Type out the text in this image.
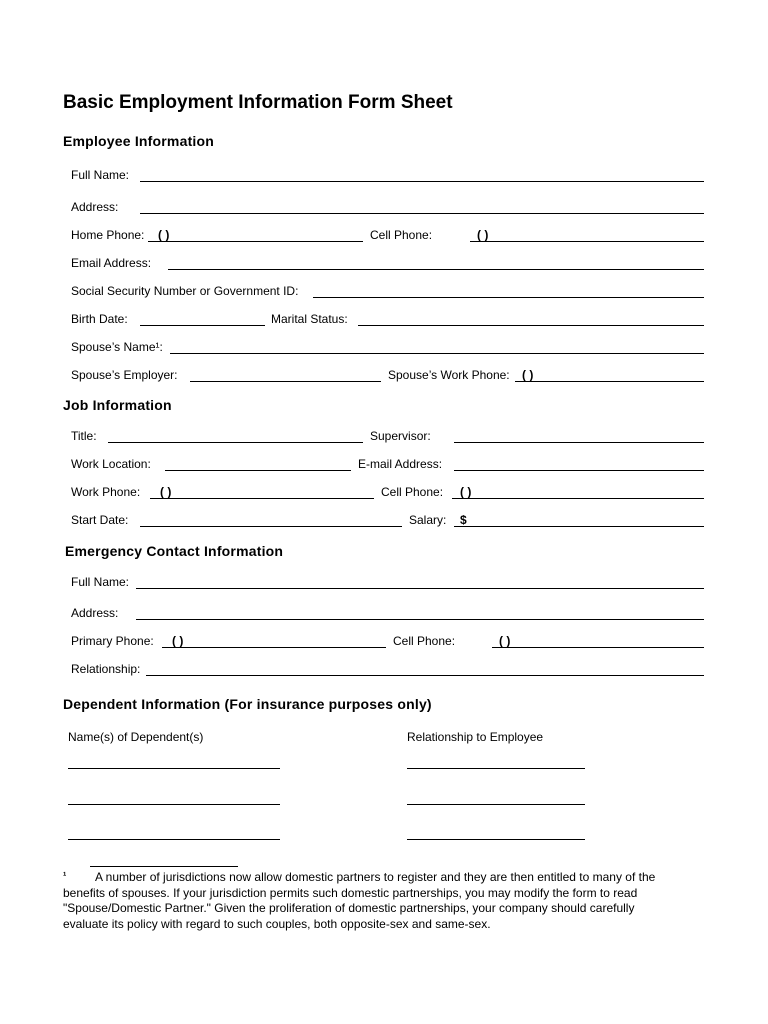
Basic Employment Information Form Sheet
Employee Information
Full Name:
Address:
Home Phone: ( )	Cell Phone:	( )
Email Address:
Social Security Number or Government ID:
Birth Date:	Marital Status:
Spouse’s Name¹:
Spouse’s Employer:	Spouse’s Work Phone: ( )
Job Information
Title:	Supervisor:
Work Location:	E-mail Address:
Work Phone: ( )	Cell Phone: ( )
Start Date:	Salary: $
Emergency Contact Information
Full Name:
Address:
Primary Phone: ( )	Cell Phone:	( )
Relationship:
Dependent Information (For insurance purposes only)
Name(s) of Dependent(s)	Relationship to Employee
¹	A number of jurisdictions now allow domestic partners to register and they are then entitled to many of the benefits of spouses. If your jurisdiction permits such domestic partnerships, you may modify the form to read "Spouse/Domestic Partner." Given the proliferation of domestic partnerships, your company should carefully evaluate its policy with regard to such couples, both opposite-sex and same-sex.
